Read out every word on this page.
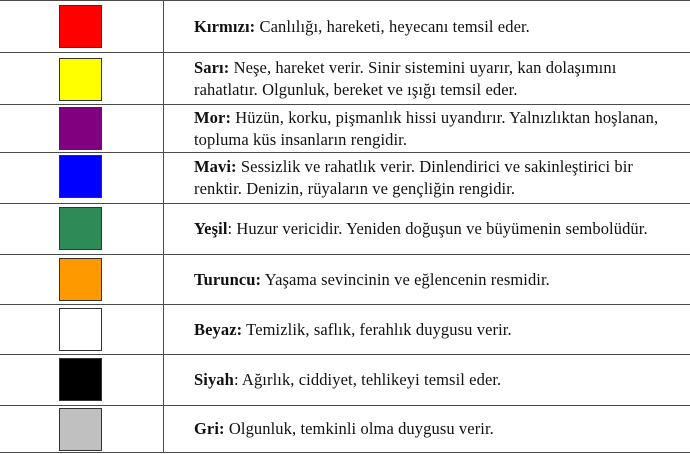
Kırmızı: Canlılığı, hareketi, heyecanı temsil eder.
Sarı: Neşe, hareket verir. Sinir sistemini uyarır, kan dolaşımını rahatlatır. Olgunluk, bereket ve ışığı temsil eder.
Mor: Hüzün, korku, pişmanlık hissi uyandırır. Yalnızlıktan hoşlanan, topluma küs insanların rengidir.
Mavi: Sessizlik ve rahatlık verir. Dinlendirici ve sakinleştirici bir renktir. Denizin, rüyaların ve gençliğin rengidir.
Yeşil: Huzur vericidir. Yeniden doğuşun ve büyümenin sembolüdür.
Turuncu: Yaşama sevincinin ve eğlencenin resmidir.
Beyaz: Temizlik, saflık, ferahlık duygusu verir.
Siyah: Ağırlık, ciddiyet, tehlikeyi temsil eder.
Gri: Olgunluk, temkinli olma duygusu verir.
